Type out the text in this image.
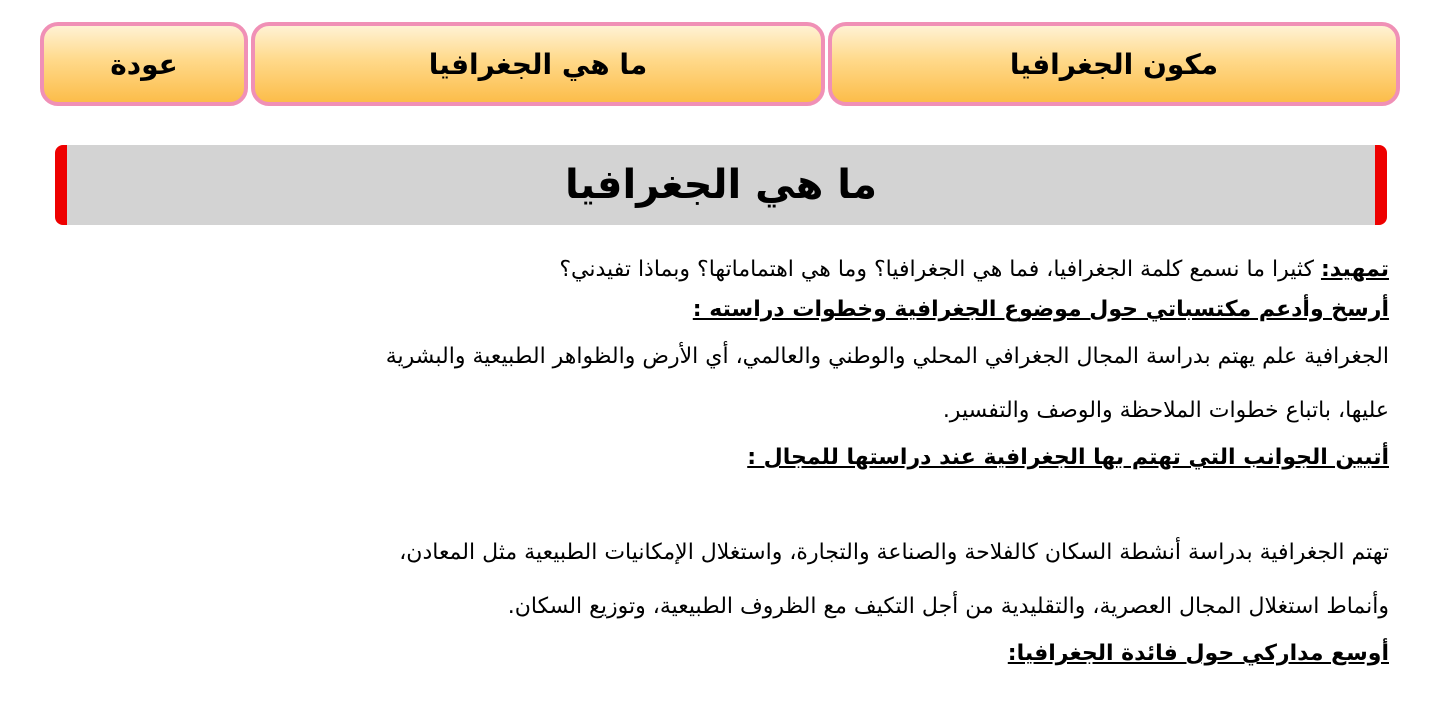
مكون الجغرافيا
ما هي الجغرافيا
عودة
ما هي الجغرافيا
تمهيد: كثيرا ما نسمع كلمة الجغرافيا، فما هي الجغرافيا؟ وما هي اهتماماتها؟ وبماذا تفيدني؟
أرسخ وأدعم مكتسباتي حول موضوع الجغرافية وخطوات دراسته :
الجغرافية علم يهتم بدراسة المجال الجغرافي المحلي والوطني والعالمي، أي الأرض والظواهر الطبيعية والبشرية
عليها، باتباع خطوات الملاحظة والوصف والتفسير.
أتبين الجوانب التي تهتم بها الجغرافية عند دراستها للمجال :
تهتم الجغرافية بدراسة أنشطة السكان كالفلاحة والصناعة والتجارة، واستغلال الإمكانيات الطبيعية مثل المعادن،
وأنماط استغلال المجال العصرية، والتقليدية من أجل التكيف مع الظروف الطبيعية، وتوزيع السكان.
أوسع مداركي حول فائدة الجغرافيا:
